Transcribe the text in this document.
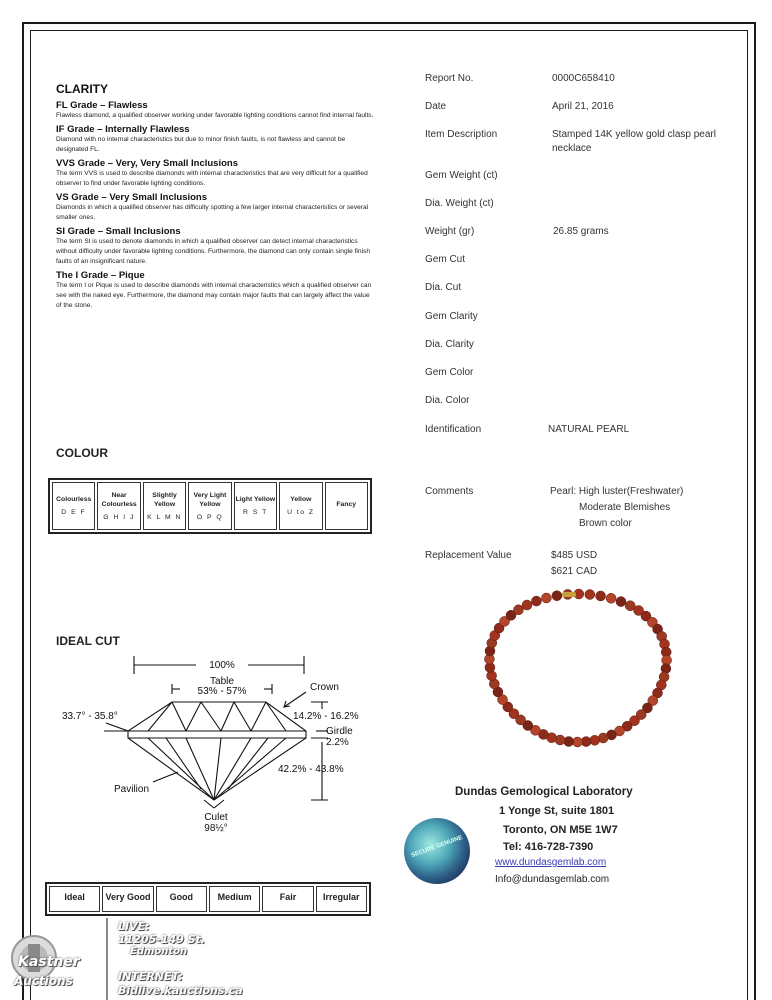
CLARITY
FL Grade – Flawless
Flawless diamond, a qualified observer working under favorable lighting conditions cannot find internal faults.
IF Grade – Internally Flawless
Diamond with no internal characteristics but due to minor finish faults, is not flawless and cannot be designated FL.
VVS Grade – Very, Very Small Inclusions
The term VVS is used to describe diamonds with internal characteristics that are very difficult for a qualified observer to find under favorable lighting conditions.
VS Grade – Very Small Inclusions
Diamonds in which a qualified observer has difficulty spotting a few larger internal characteristics or several smaller ones.
SI Grade – Small Inclusions
The term SI is used to denote diamonds in which a qualified observer can detect internal characteristics without difficulty under favorable lighting conditions. Furthermore, the diamond can only contain single finish faults of an insignificant nature.
The I Grade – Pique
The term I or Pique is used to describe diamonds with internal characteristics which a qualified observer can see with the naked eye. Furthermore, the diamond may contain major faults that can largely affect the value of the stone.
COLOUR
Colourless
D E F
Near Colourless
G H I J
Slightly Yellow
K L M N
Very Light Yellow
O P Q
Light Yellow
R S T
Yellow
U to Z
Fancy
IDEAL CUT
100%
Table
53% - 57%	Crown
33.7° - 35.8°	14.2% - 16.2%
Girdle
2.2%
42.2% - 43.8%
Pavilion
Culet
98½°
Ideal	Very Good	Good	Medium	Fair	Irregular
Report No.	0000C658410
Date	April 21, 2016
Item Description	Stamped 14K yellow gold clasp pearl
necklace
Gem Weight (ct)
Dia. Weight (ct)
Weight (gr)	26.85 grams
Gem Cut
Dia. Cut
Gem Clarity
Dia. Clarity
Gem Color
Dia. Color
Identification	NATURAL PEARL
Comments	Pearl: High luster(Freshwater)
Moderate Blemishes
Brown color
Replacement Value	$485 USD
$621 CAD
SECURE GENUINE
Dundas Gemological Laboratory
1 Yonge St, suite 1801
Toronto, ON M5E 1W7
Tel: 416-728-7390
www.dundasgemlab.com
Info@dundasgemlab.com
Kastner
Auctions
LIVE:
11205-149 St.
Edmonton
INTERNET:
Bidlive.kauctions.ca
